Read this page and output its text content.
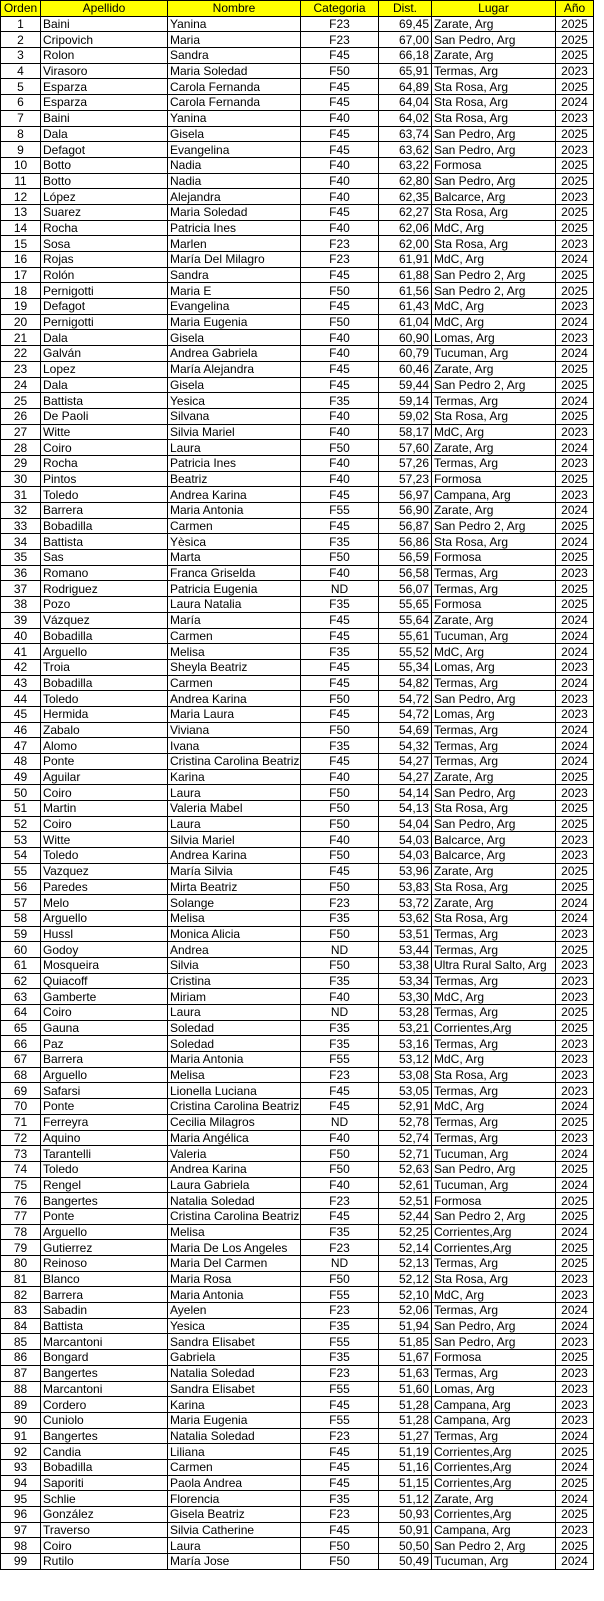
Orden	Apellido	Nombre	Categoria	Dist.	Lugar	Año
1	Baini	Yanina	F23	69,45	Zarate, Arg	2025
2	Cripovich	Maria	F23	67,00	San Pedro, Arg	2025
3	Rolon	Sandra	F45	66,18	Zarate, Arg	2025
4	Virasoro	Maria Soledad	F50	65,91	Termas, Arg	2023
5	Esparza	Carola Fernanda	F45	64,89	Sta Rosa, Arg	2025
6	Esparza	Carola Fernanda	F45	64,04	Sta Rosa, Arg	2024
7	Baini	Yanina	F40	64,02	Sta Rosa, Arg	2023
8	Dala	Gisela	F45	63,74	San Pedro, Arg	2025
9	Defagot	Evangelina	F45	63,62	San Pedro, Arg	2023
10	Botto	Nadia	F40	63,22	Formosa	2025
11	Botto	Nadia	F40	62,80	San Pedro, Arg	2025
12	López	Alejandra	F40	62,35	Balcarce, Arg	2023
13	Suarez	Maria Soledad	F45	62,27	Sta Rosa, Arg	2025
14	Rocha	Patricia Ines	F40	62,06	MdC, Arg	2025
15	Sosa	Marlen	F23	62,00	Sta Rosa, Arg	2023
16	Rojas	María Del Milagro	F23	61,91	MdC, Arg	2024
17	Rolón	Sandra	F45	61,88	San Pedro 2, Arg	2025
18	Pernigotti	Maria E	F50	61,56	San Pedro 2, Arg	2025
19	Defagot	Evangelina	F45	61,43	MdC, Arg	2023
20	Pernigotti	Maria Eugenia	F50	61,04	MdC, Arg	2024
21	Dala	Gisela	F40	60,90	Lomas, Arg	2023
22	Galván	Andrea Gabriela	F40	60,79	Tucuman, Arg	2024
23	Lopez	María Alejandra	F45	60,46	Zarate, Arg	2025
24	Dala	Gisela	F45	59,44	San Pedro 2, Arg	2025
25	Battista	Yesica	F35	59,14	Termas, Arg	2024
26	De Paoli	Silvana	F40	59,02	Sta Rosa, Arg	2025
27	Witte	Silvia Mariel	F40	58,17	MdC, Arg	2023
28	Coiro	Laura	F50	57,60	Zarate, Arg	2024
29	Rocha	Patricia Ines	F40	57,26	Termas, Arg	2023
30	Pintos	Beatriz	F40	57,23	Formosa	2025
31	Toledo	Andrea Karina	F45	56,97	Campana, Arg	2023
32	Barrera	Maria Antonia	F55	56,90	Zarate, Arg	2024
33	Bobadilla	Carmen	F45	56,87	San Pedro 2, Arg	2025
34	Battista	Yèsica	F35	56,86	Sta Rosa, Arg	2024
35	Sas	Marta	F50	56,59	Formosa	2025
36	Romano	Franca Griselda	F40	56,58	Termas, Arg	2023
37	Rodriguez	Patricia Eugenia	ND	56,07	Termas, Arg	2025
38	Pozo	Laura Natalia	F35	55,65	Formosa	2025
39	Vázquez	María	F45	55,64	Zarate, Arg	2024
40	Bobadilla	Carmen	F45	55,61	Tucuman, Arg	2024
41	Arguello	Melisa	F35	55,52	MdC, Arg	2024
42	Troia	Sheyla Beatriz	F45	55,34	Lomas, Arg	2023
43	Bobadilla	Carmen	F45	54,82	Termas, Arg	2024
44	Toledo	Andrea Karina	F50	54,72	San Pedro, Arg	2023
45	Hermida	Maria Laura	F45	54,72	Lomas, Arg	2023
46	Zabalo	Viviana	F50	54,69	Termas, Arg	2024
47	Alomo	Ivana	F35	54,32	Termas, Arg	2024
48	Ponte	Cristina Carolina Beatriz	F45	54,27	Termas, Arg	2024
49	Aguilar	Karina	F40	54,27	Zarate, Arg	2025
50	Coiro	Laura	F50	54,14	San Pedro, Arg	2023
51	Martin	Valeria Mabel	F50	54,13	Sta Rosa, Arg	2025
52	Coiro	Laura	F50	54,04	San Pedro, Arg	2025
53	Witte	Silvia Mariel	F40	54,03	Balcarce, Arg	2023
54	Toledo	Andrea Karina	F50	54,03	Balcarce, Arg	2023
55	Vazquez	María Silvia	F45	53,96	Zarate, Arg	2025
56	Paredes	Mirta Beatriz	F50	53,83	Sta Rosa, Arg	2025
57	Melo	Solange	F23	53,72	Zarate, Arg	2024
58	Arguello	Melisa	F35	53,62	Sta Rosa, Arg	2024
59	Hussl	Monica Alicia	F50	53,51	Termas, Arg	2023
60	Godoy	Andrea	ND	53,44	Termas, Arg	2025
61	Mosqueira	Silvia	F50	53,38	Ultra Rural Salto, Arg	2023
62	Quiacoff	Cristina	F35	53,34	Termas, Arg	2023
63	Gamberte	Miriam	F40	53,30	MdC, Arg	2023
64	Coiro	Laura	ND	53,28	Termas, Arg	2025
65	Gauna	Soledad	F35	53,21	Corrientes,Arg	2025
66	Paz	Soledad	F35	53,16	Termas, Arg	2023
67	Barrera	Maria Antonia	F55	53,12	MdC, Arg	2023
68	Arguello	Melisa	F23	53,08	Sta Rosa, Arg	2023
69	Safarsi	Lionella Luciana	F45	53,05	Termas, Arg	2023
70	Ponte	Cristina Carolina Beatriz	F45	52,91	MdC, Arg	2024
71	Ferreyra	Cecilia Milagros	ND	52,78	Termas, Arg	2025
72	Aquino	Maria Angélica	F40	52,74	Termas, Arg	2023
73	Tarantelli	Valeria	F50	52,71	Tucuman, Arg	2024
74	Toledo	Andrea Karina	F50	52,63	San Pedro, Arg	2025
75	Rengel	Laura Gabriela	F40	52,61	Tucuman, Arg	2024
76	Bangertes	Natalia Soledad	F23	52,51	Formosa	2025
77	Ponte	Cristina Carolina Beatriz	F45	52,44	San Pedro 2, Arg	2025
78	Arguello	Melisa	F35	52,25	Corrientes,Arg	2024
79	Gutierrez	Maria De Los Angeles	F23	52,14	Corrientes,Arg	2025
80	Reinoso	Maria Del Carmen	ND	52,13	Termas, Arg	2025
81	Blanco	Maria Rosa	F50	52,12	Sta Rosa, Arg	2023
82	Barrera	Maria Antonia	F55	52,10	MdC, Arg	2023
83	Sabadin	Ayelen	F23	52,06	Termas, Arg	2024
84	Battista	Yesica	F35	51,94	San Pedro, Arg	2024
85	Marcantoni	Sandra Elisabet	F55	51,85	San Pedro, Arg	2023
86	Bongard	Gabriela	F35	51,67	Formosa	2025
87	Bangertes	Natalia Soledad	F23	51,63	Termas, Arg	2023
88	Marcantoni	Sandra Elisabet	F55	51,60	Lomas, Arg	2023
89	Cordero	Karina	F45	51,28	Campana, Arg	2023
90	Cuniolo	Maria Eugenia	F55	51,28	Campana, Arg	2023
91	Bangertes	Natalia Soledad	F23	51,27	Termas, Arg	2024
92	Candia	Liliana	F45	51,19	Corrientes,Arg	2025
93	Bobadilla	Carmen	F45	51,16	Corrientes,Arg	2024
94	Saporiti	Paola Andrea	F45	51,15	Corrientes,Arg	2025
95	Schlie	Florencia	F35	51,12	Zarate, Arg	2024
96	González	Gisela Beatriz	F23	50,93	Corrientes,Arg	2025
97	Traverso	Silvia Catherine	F45	50,91	Campana, Arg	2023
98	Coiro	Laura	F50	50,50	San Pedro 2, Arg	2025
99	Rutilo	María Jose	F50	50,49	Tucuman, Arg	2024
